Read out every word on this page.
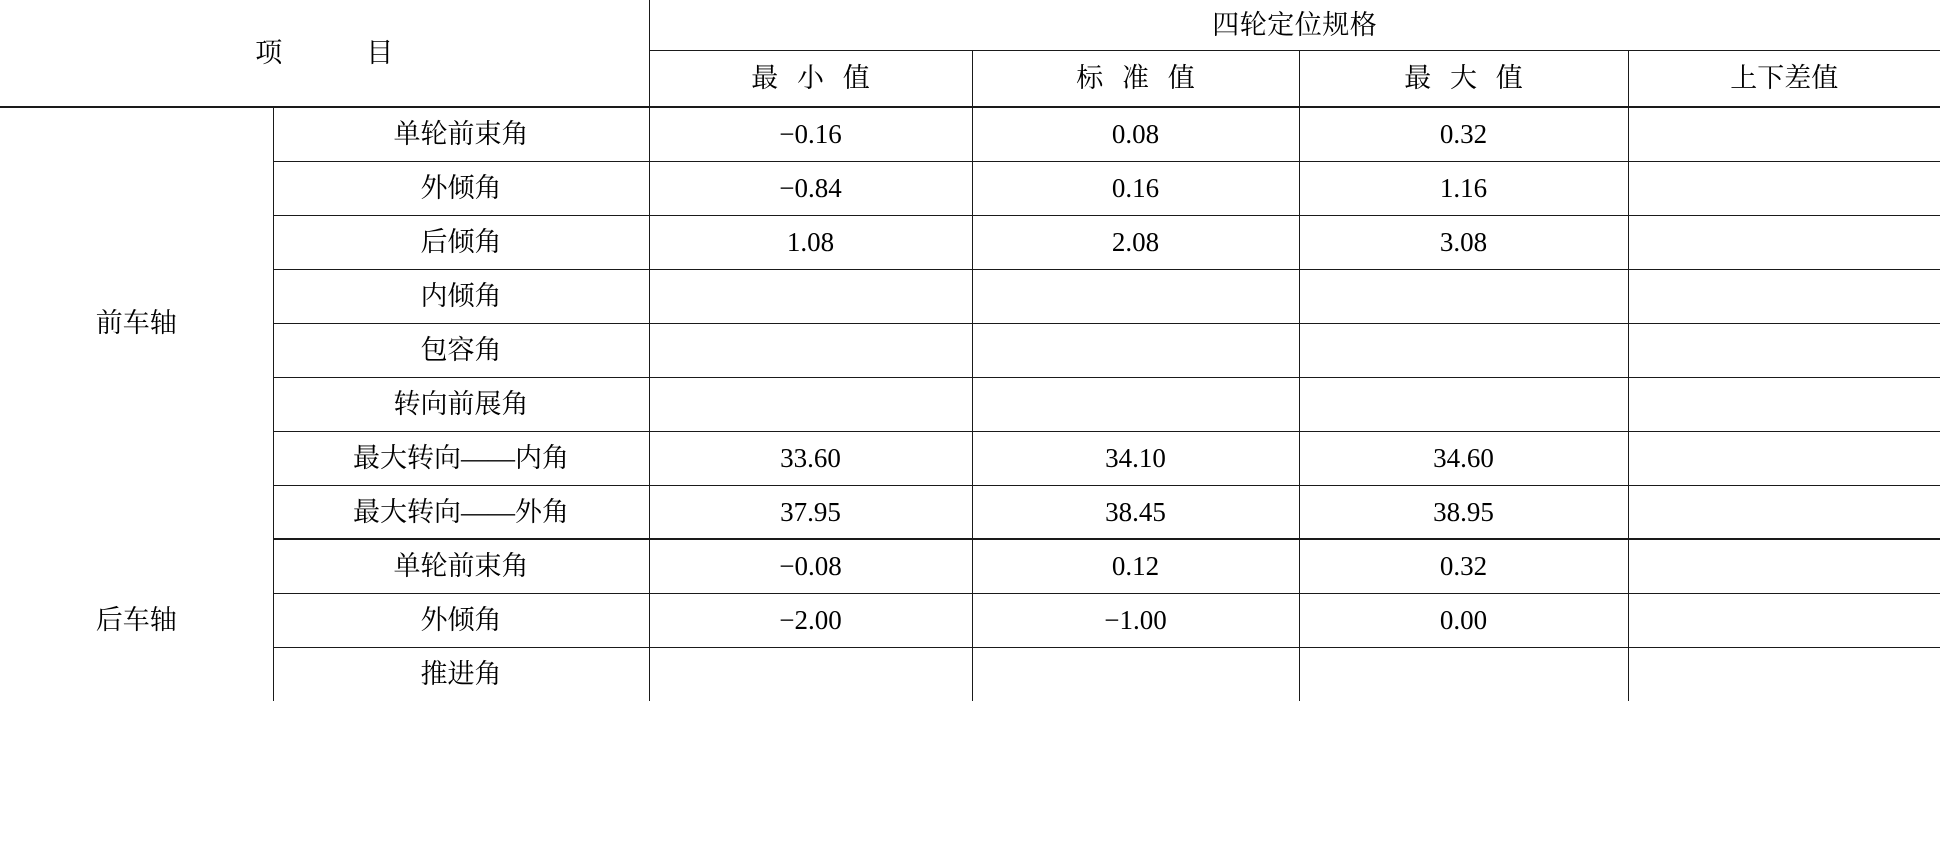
项　　目		四轮定位规格			
		最 小 值	标 准 值	最 大 值	上下差值
前车轴	单轮前束角	−0.16	0.08	0.32	
	外倾角	−0.84	0.16	1.16	
	后倾角	1.08	2.08	3.08	
	内倾角				
	包容角				
	转向前展角				
	最大转向——内角	33.60	34.10	34.60	
	最大转向——外角	37.95	38.45	38.95	
后车轴	单轮前束角	−0.08	0.12	0.32	
	外倾角	−2.00	−1.00	0.00	
	推进角				
